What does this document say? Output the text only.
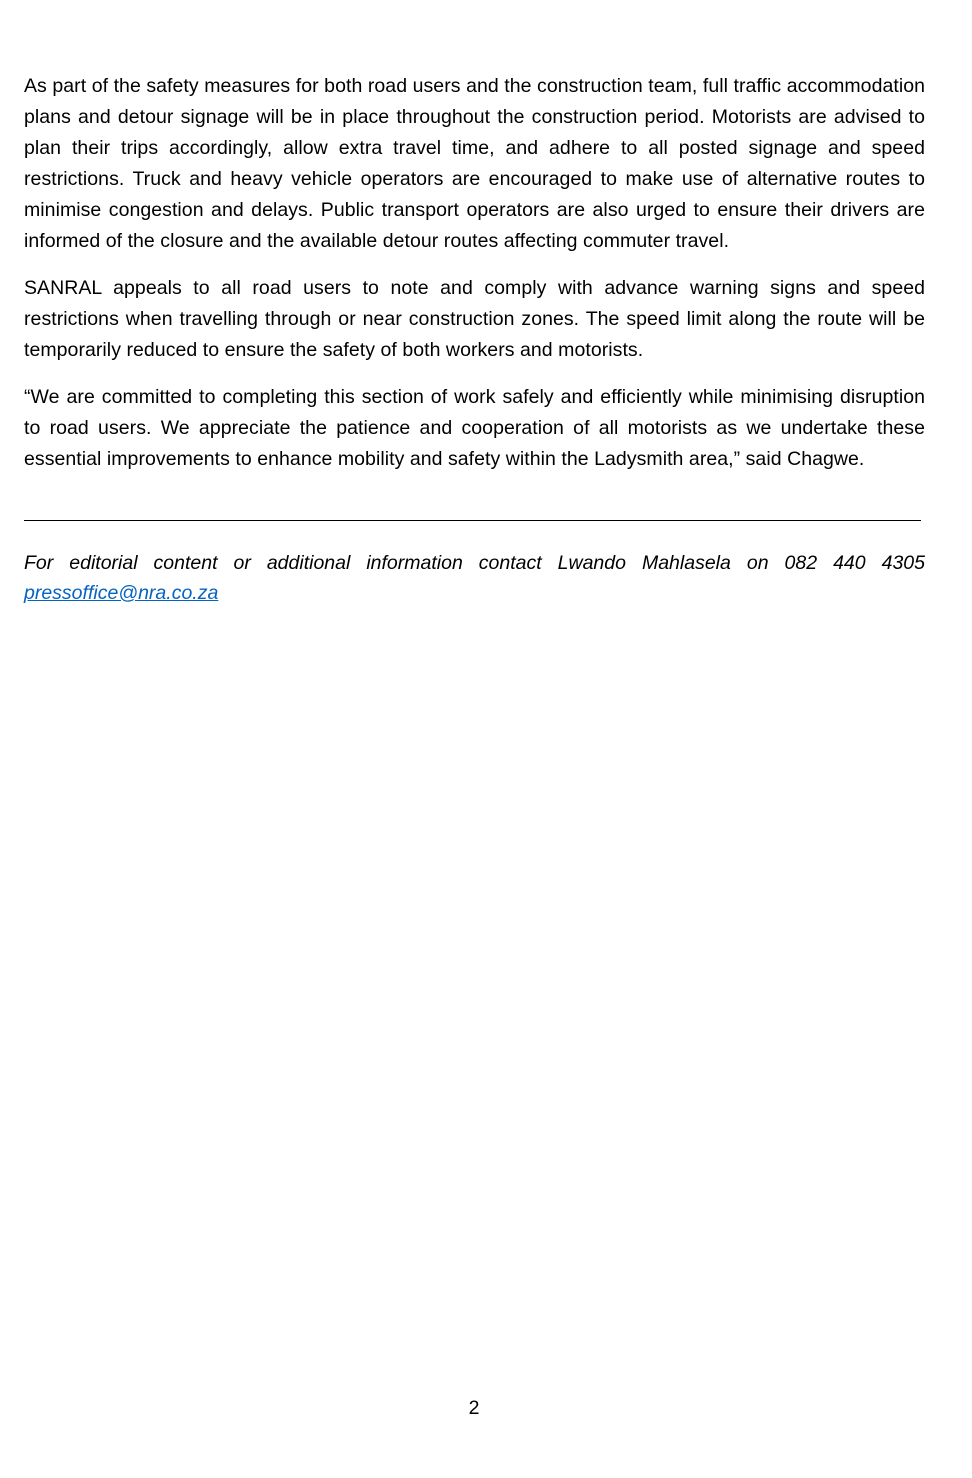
As part of the safety measures for both road users and the construction team, full traffic accommodation plans and detour signage will be in place throughout the construction period. Motorists are advised to plan their trips accordingly, allow extra travel time, and adhere to all posted signage and speed restrictions. Truck and heavy vehicle operators are encouraged to make use of alternative routes to minimise congestion and delays. Public transport operators are also urged to ensure their drivers are informed of the closure and the available detour routes affecting commuter travel.

SANRAL appeals to all road users to note and comply with advance warning signs and speed restrictions when travelling through or near construction zones. The speed limit along the route will be temporarily reduced to ensure the safety of both workers and motorists.

“We are committed to completing this section of work safely and efficiently while minimising disruption to road users. We appreciate the patience and cooperation of all motorists as we undertake these essential improvements to enhance mobility and safety within the Ladysmith area,” said Chagwe.

For editorial content or additional information contact Lwando Mahlasela on 082 440 4305

pressoffice@nra.co.za
2
